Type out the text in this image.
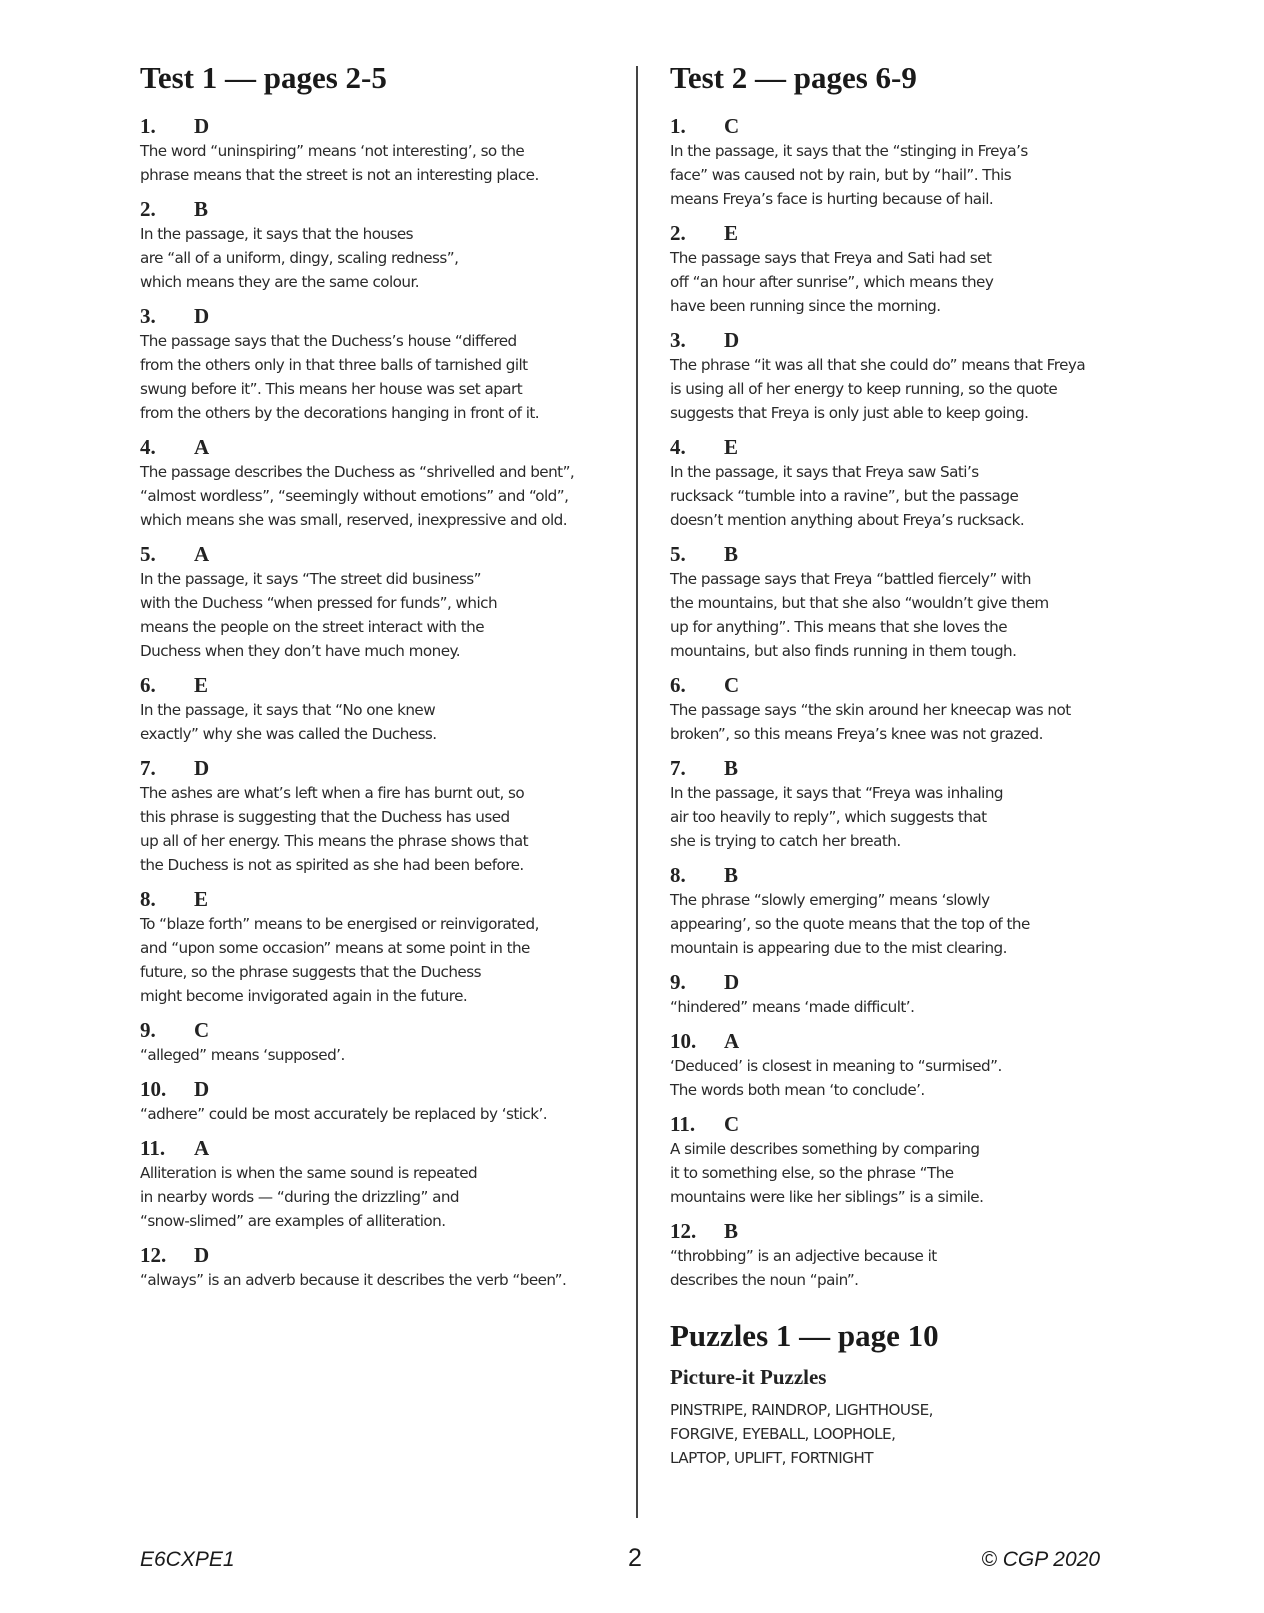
Test 1 — pages 2-5
1.	D
The word “uninspiring” means ‘not interesting’, so the
phrase means that the street is not an interesting place.
2.	B
In the passage, it says that the houses
are “all of a uniform, dingy, scaling redness”,
which means they are the same colour.
3.	D
The passage says that the Duchess’s house “differed
from the others only in that three balls of tarnished gilt
swung before it”. This means her house was set apart
from the others by the decorations hanging in front of it.
4.	A
The passage describes the Duchess as “shrivelled and bent”,
“almost wordless”, “seemingly without emotions” and “old”,
which means she was small, reserved, inexpressive and old.
5.	A
In the passage, it says “The street did business”
with the Duchess “when pressed for funds”, which
means the people on the street interact with the
Duchess when they don’t have much money.
6.	E
In the passage, it says that “No one knew
exactly” why she was called the Duchess.
7.	D
The ashes are what’s left when a fire has burnt out, so
this phrase is suggesting that the Duchess has used
up all of her energy. This means the phrase shows that
the Duchess is not as spirited as she had been before.
8.	E
To “blaze forth” means to be energised or reinvigorated,
and “upon some occasion” means at some point in the
future, so the phrase suggests that the Duchess
might become invigorated again in the future.
9.	C
“alleged” means ‘supposed’.
10.	D
“adhere” could be most accurately be replaced by ‘stick’.
11.	A
Alliteration is when the same sound is repeated
in nearby words — “during the drizzling” and
“snow-slimed” are examples of alliteration.
12.	D
“always” is an adverb because it describes the verb “been”.
Test 2 — pages 6-9
1.	C
In the passage, it says that the “stinging in Freya’s
face” was caused not by rain, but by “hail”. This
means Freya’s face is hurting because of hail.
2.	E
The passage says that Freya and Sati had set
off “an hour after sunrise”, which means they
have been running since the morning.
3.	D
The phrase “it was all that she could do” means that Freya
is using all of her energy to keep running, so the quote
suggests that Freya is only just able to keep going.
4.	E
In the passage, it says that Freya saw Sati’s
rucksack “tumble into a ravine”, but the passage
doesn’t mention anything about Freya’s rucksack.
5.	B
The passage says that Freya “battled fiercely” with
the mountains, but that she also “wouldn’t give them
up for anything”. This means that she loves the
mountains, but also finds running in them tough.
6.	C
The passage says “the skin around her kneecap was not
broken”, so this means Freya’s knee was not grazed.
7.	B
In the passage, it says that “Freya was inhaling
air too heavily to reply”, which suggests that
she is trying to catch her breath.
8.	B
The phrase “slowly emerging” means ‘slowly
appearing’, so the quote means that the top of the
mountain is appearing due to the mist clearing.
9.	D
“hindered” means ‘made difficult’.
10.	A
‘Deduced’ is closest in meaning to “surmised”.
The words both mean ‘to conclude’.
11.	C
A simile describes something by comparing
it to something else, so the phrase “The
mountains were like her siblings” is a simile.
12.	B
“throbbing” is an adjective because it
describes the noun “pain”.
Puzzles 1 — page 10
Picture-it Puzzles
PINSTRIPE, RAINDROP, LIGHTHOUSE,
FORGIVE, EYEBALL, LOOPHOLE,
LAPTOP, UPLIFT, FORTNIGHT
E6CXPE1	2	© CGP 2020
